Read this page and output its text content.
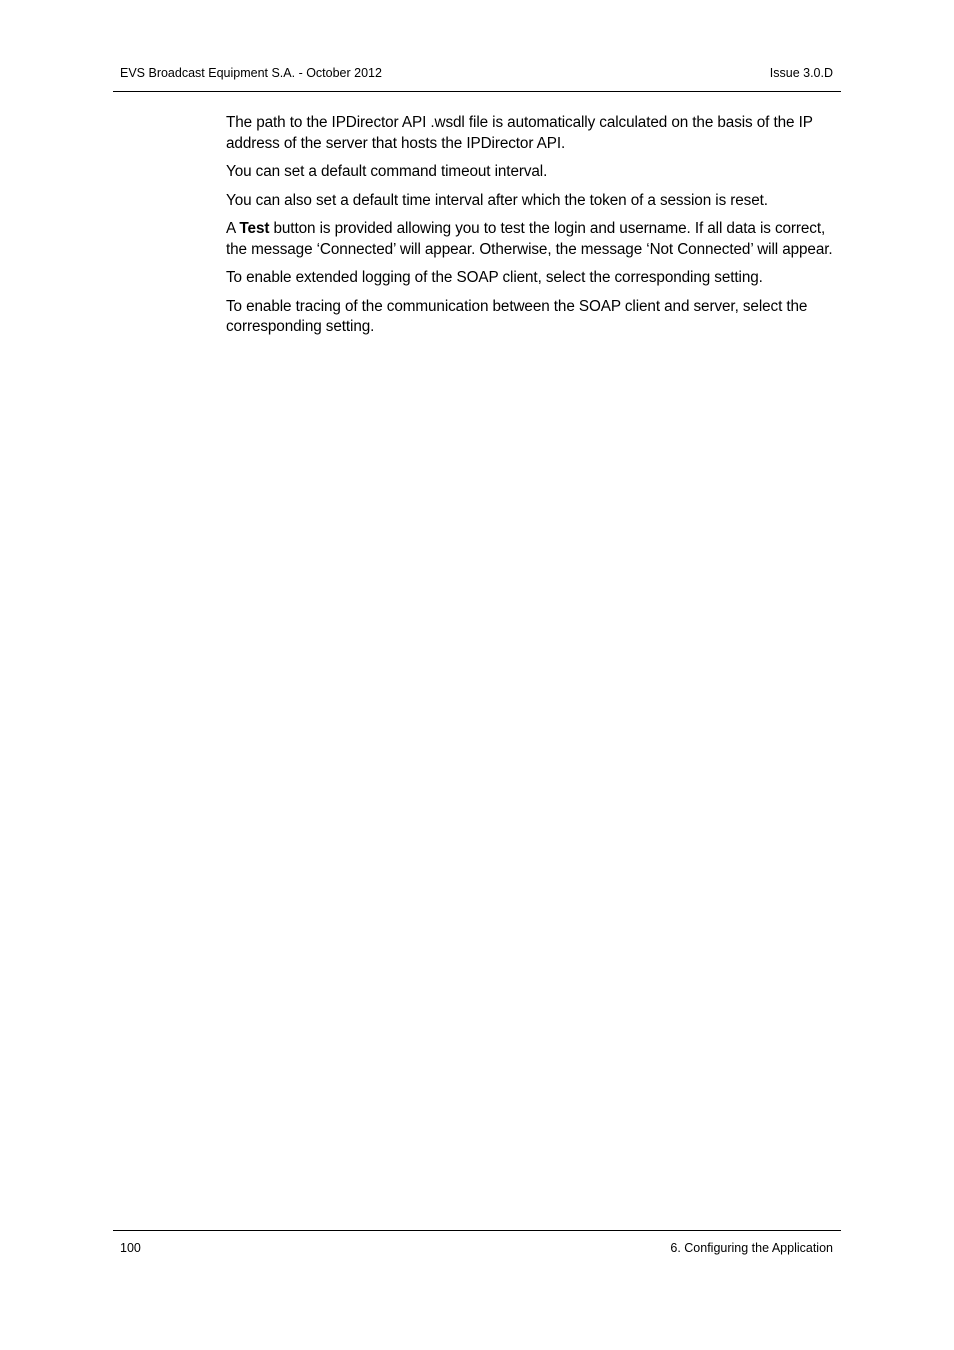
EVS Broadcast Equipment S.A. - October 2012	Issue 3.0.D

The path to the IPDirector API .wsdl file is automatically calculated on the basis of the IP address of the server that hosts the IPDirector API.

You can set a default command timeout interval.

You can also set a default time interval after which the token of a session is reset.

A Test button is provided allowing you to test the login and username. If all data is correct, the message ‘Connected’ will appear. Otherwise, the message ‘Not Connected’ will appear.

To enable extended logging of the SOAP client, select the corresponding setting.

To enable tracing of the communication between the SOAP client and server, select the corresponding setting.

100	6. Configuring the Application
